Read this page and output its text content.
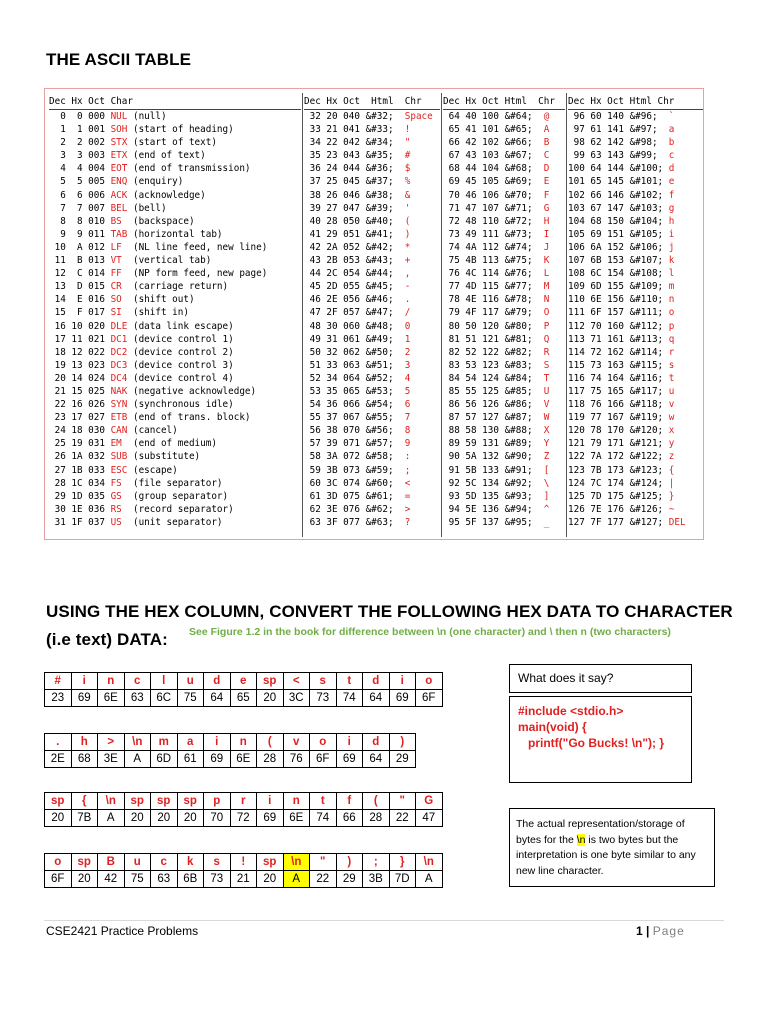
THE ASCII TABLE
Dec Hx Oct Char
0  0 000 NUL (null)
1  1 001 SOH (start of heading)
2  2 002 STX (start of text)
3  3 003 ETX (end of text)
4  4 004 EOT (end of transmission)
5  5 005 ENQ (enquiry)
6  6 006 ACK (acknowledge)
7  7 007 BEL (bell)
8  8 010 BS  (backspace)
9  9 011 TAB (horizontal tab)
10  A 012 LF  (NL line feed, new line)
11  B 013 VT  (vertical tab)
12  C 014 FF  (NP form feed, new page)
13  D 015 CR  (carriage return)
14  E 016 SO  (shift out)
15  F 017 SI  (shift in)
16 10 020 DLE (data link escape)
17 11 021 DC1 (device control 1)
18 12 022 DC2 (device control 2)
19 13 023 DC3 (device control 3)
20 14 024 DC4 (device control 4)
21 15 025 NAK (negative acknowledge)
22 16 026 SYN (synchronous idle)
23 17 027 ETB (end of trans. block)
24 18 030 CAN (cancel)
25 19 031 EM  (end of medium)
26 1A 032 SUB (substitute)
27 1B 033 ESC (escape)
28 1C 034 FS  (file separator)
29 1D 035 GS  (group separator)
30 1E 036 RS  (record separator)
31 1F 037 US  (unit separator)
Dec Hx Oct  Html  Chr
32 20 040 &#32;  Space
33 21 041 &#33;  !
34 22 042 &#34;  "
35 23 043 &#35;  #
36 24 044 &#36;  $
37 25 045 &#37;  %
38 26 046 &#38;  &
39 27 047 &#39;  '
40 28 050 &#40;  (
41 29 051 &#41;  )
42 2A 052 &#42;  *
43 2B 053 &#43;  +
44 2C 054 &#44;  ,
45 2D 055 &#45;  -
46 2E 056 &#46;  .
47 2F 057 &#47;  /
48 30 060 &#48;  0
49 31 061 &#49;  1
50 32 062 &#50;  2
51 33 063 &#51;  3
52 34 064 &#52;  4
53 35 065 &#53;  5
54 36 066 &#54;  6
55 37 067 &#55;  7
56 38 070 &#56;  8
57 39 071 &#57;  9
58 3A 072 &#58;  :
59 3B 073 &#59;  ;
60 3C 074 &#60;  <
61 3D 075 &#61;  =
62 3E 076 &#62;  >
63 3F 077 &#63;  ?
Dec Hx Oct Html  Chr
64 40 100 &#64;  @
65 41 101 &#65;  A
66 42 102 &#66;  B
67 43 103 &#67;  C
68 44 104 &#68;  D
69 45 105 &#69;  E
70 46 106 &#70;  F
71 47 107 &#71;  G
72 48 110 &#72;  H
73 49 111 &#73;  I
74 4A 112 &#74;  J
75 4B 113 &#75;  K
76 4C 114 &#76;  L
77 4D 115 &#77;  M
78 4E 116 &#78;  N
79 4F 117 &#79;  O
80 50 120 &#80;  P
81 51 121 &#81;  Q
82 52 122 &#82;  R
83 53 123 &#83;  S
84 54 124 &#84;  T
85 55 125 &#85;  U
86 56 126 &#86;  V
87 57 127 &#87;  W
88 58 130 &#88;  X
89 59 131 &#89;  Y
90 5A 132 &#90;  Z
91 5B 133 &#91;  [
92 5C 134 &#92;  \
93 5D 135 &#93;  ]
94 5E 136 &#94;  ^
95 5F 137 &#95;  _
Dec Hx Oct Html Chr
96 60 140 &#96;  `
97 61 141 &#97;  a
98 62 142 &#98;  b
99 63 143 &#99;  c
100 64 144 &#100; d
101 65 145 &#101; e
102 66 146 &#102; f
103 67 147 &#103; g
104 68 150 &#104; h
105 69 151 &#105; i
106 6A 152 &#106; j
107 6B 153 &#107; k
108 6C 154 &#108; l
109 6D 155 &#109; m
110 6E 156 &#110; n
111 6F 157 &#111; o
112 70 160 &#112; p
113 71 161 &#113; q
114 72 162 &#114; r
115 73 163 &#115; s
116 74 164 &#116; t
117 75 165 &#117; u
118 76 166 &#118; v
119 77 167 &#119; w
120 78 170 &#120; x
121 79 171 &#121; y
122 7A 172 &#122; z
123 7B 173 &#123; {
124 7C 174 &#124; |
125 7D 175 &#125; }
126 7E 176 &#126; ~
127 7F 177 &#127; DEL
USING THE HEX COLUMN, CONVERT THE FOLLOWING HEX DATA TO CHARACTER
(i.e text) DATA: See Figure 1.2 in the book for difference between \n (one character) and \ then n (two characters)
#	i	n	c	l	u	d	e	sp	<	s	t	d	i	o
23	69	6E	63	6C	75	64	65	20	3C	73	74	64	69	6F
.	h	>	\n	m	a	i	n	(	v	o	i	d	)
2E	68	3E	A	6D	61	69	6E	28	76	6F	69	64	29
sp	{	\n	sp	sp	sp	p	r	i	n	t	f	(	"	G
20	7B	A	20	20	20	70	72	69	6E	74	66	28	22	47
o	sp	B	u	c	k	s	!	sp	\n	"	)	;	}	\n
6F	20	42	75	63	6B	73	21	20	A	22	29	3B	7D	A
What does it say?
#include <stdio.h>
main(void) {
printf("Go Bucks! \n"); }
The actual representation/storage of bytes for the \n is two bytes but the interpretation is one byte similar to any new line character.
CSE2421 Practice Problems	1 | Page
